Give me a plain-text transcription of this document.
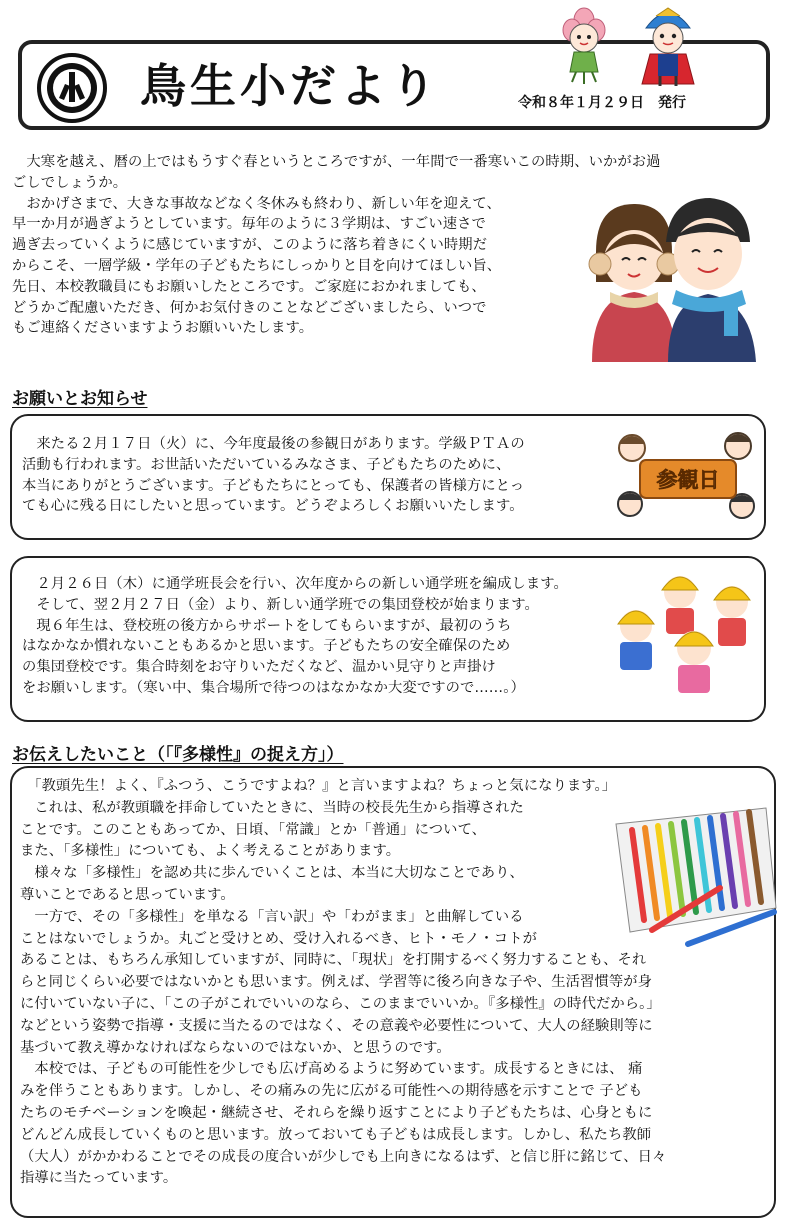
鳥生小だより	令和８年１月２９日　発行

　大寒を越え、暦の上ではもうすぐ春というところですが、一年間で一番寒いこの時期、いかがお過

ごしでしょうか。

　おかげさまで、大きな事故などなく冬休みも終わり、新しい年を迎えて、

早一か月が過ぎようとしています。毎年のように３学期は、すごい速さで

過ぎ去っていくように感じていますが、このように落ち着きにくい時期だ

からこそ、一層学級・学年の子どもたちにしっかりと目を向けてほしい旨、

先日、本校教職員にもお願いしたところです。ご家庭におかれましても、

どうかご配慮いただき、何かお気付きのことなどございましたら、いつで

もご連絡くださいますようお願いいたします。

お願いとお知らせ

　来たる２月１７日（火）に、今年度最後の参観日があります。学級ＰＴＡの

活動も行われます。お世話いただいているみなさま、子どもたちのために、

本当にありがとうございます。子どもたちにとっても、保護者の皆様方にとっ

ても心に残る日にしたいと思っています。どうぞよろしくお願いいたします。

参観日

　２月２６日（木）に通学班長会を行い、次年度からの新しい通学班を編成します。

　そして、翌２月２７日（金）より、新しい通学班での集団登校が始まります。

　現６年生は、登校班の後方からサポートをしてもらいますが、最初のうち

はなかなか慣れないこともあるかと思います。子どもたちの安全確保のため

の集団登校です。集合時刻をお守りいただくなど、温かい見守りと声掛け

をお願いします。（寒い中、集合場所で待つのはなかなか大変ですので……。）

お伝えしたいこと（「『多様性』の捉え方」）

　「教頭先生！よく、『ふつう、こうですよね？』と言いますよね？ちょっと気になります。」

　これは、私が教頭職を拝命していたときに、当時の校長先生から指導された

ことです。このこともあってか、日頃、「常識」とか「普通」について、

また、「多様性」についても、よく考えることがあります。

　様々な「多様性」を認め共に歩んでいくことは、本当に大切なことであり、

尊いことであると思っています。

　一方で、その「多様性」を単なる「言い訳」や「わがまま」と曲解している

ことはないでしょうか。丸ごと受けとめ、受け入れるべき、ヒト・モノ・コトが

あることは、もちろん承知していますが、同時に、「現状」を打開するべく努力することも、それ

らと同じくらい必要ではないかとも思います。例えば、学習等に後ろ向きな子や、生活習慣等が身

に付いていない子に、「この子がこれでいいのなら、このままでいいか。『多様性』の時代だから。」

などという姿勢で指導・支援に当たるのではなく、その意義や必要性について、大人の経験則等に

基づいて教え導かなければならないのではないか、と思うのです。

　本校では、子どもの可能性を少しでも広げ高めるように努めています。成長するときには、 痛

みを伴うこともあります。しかし、その痛みの先に広がる可能性への期待感を示すことで 子ども

たちのモチベーションを喚起・継続させ、それらを繰り返すことにより子どもたちは、心身ともに

どんどん成長していくものと思います。放っておいても子どもは成長します。しかし、私たち教師

（大人）がかかわることでその成長の度合いが少しでも上向きになるはず、と信じ肝に銘じて、日々

指導に当たっています。
